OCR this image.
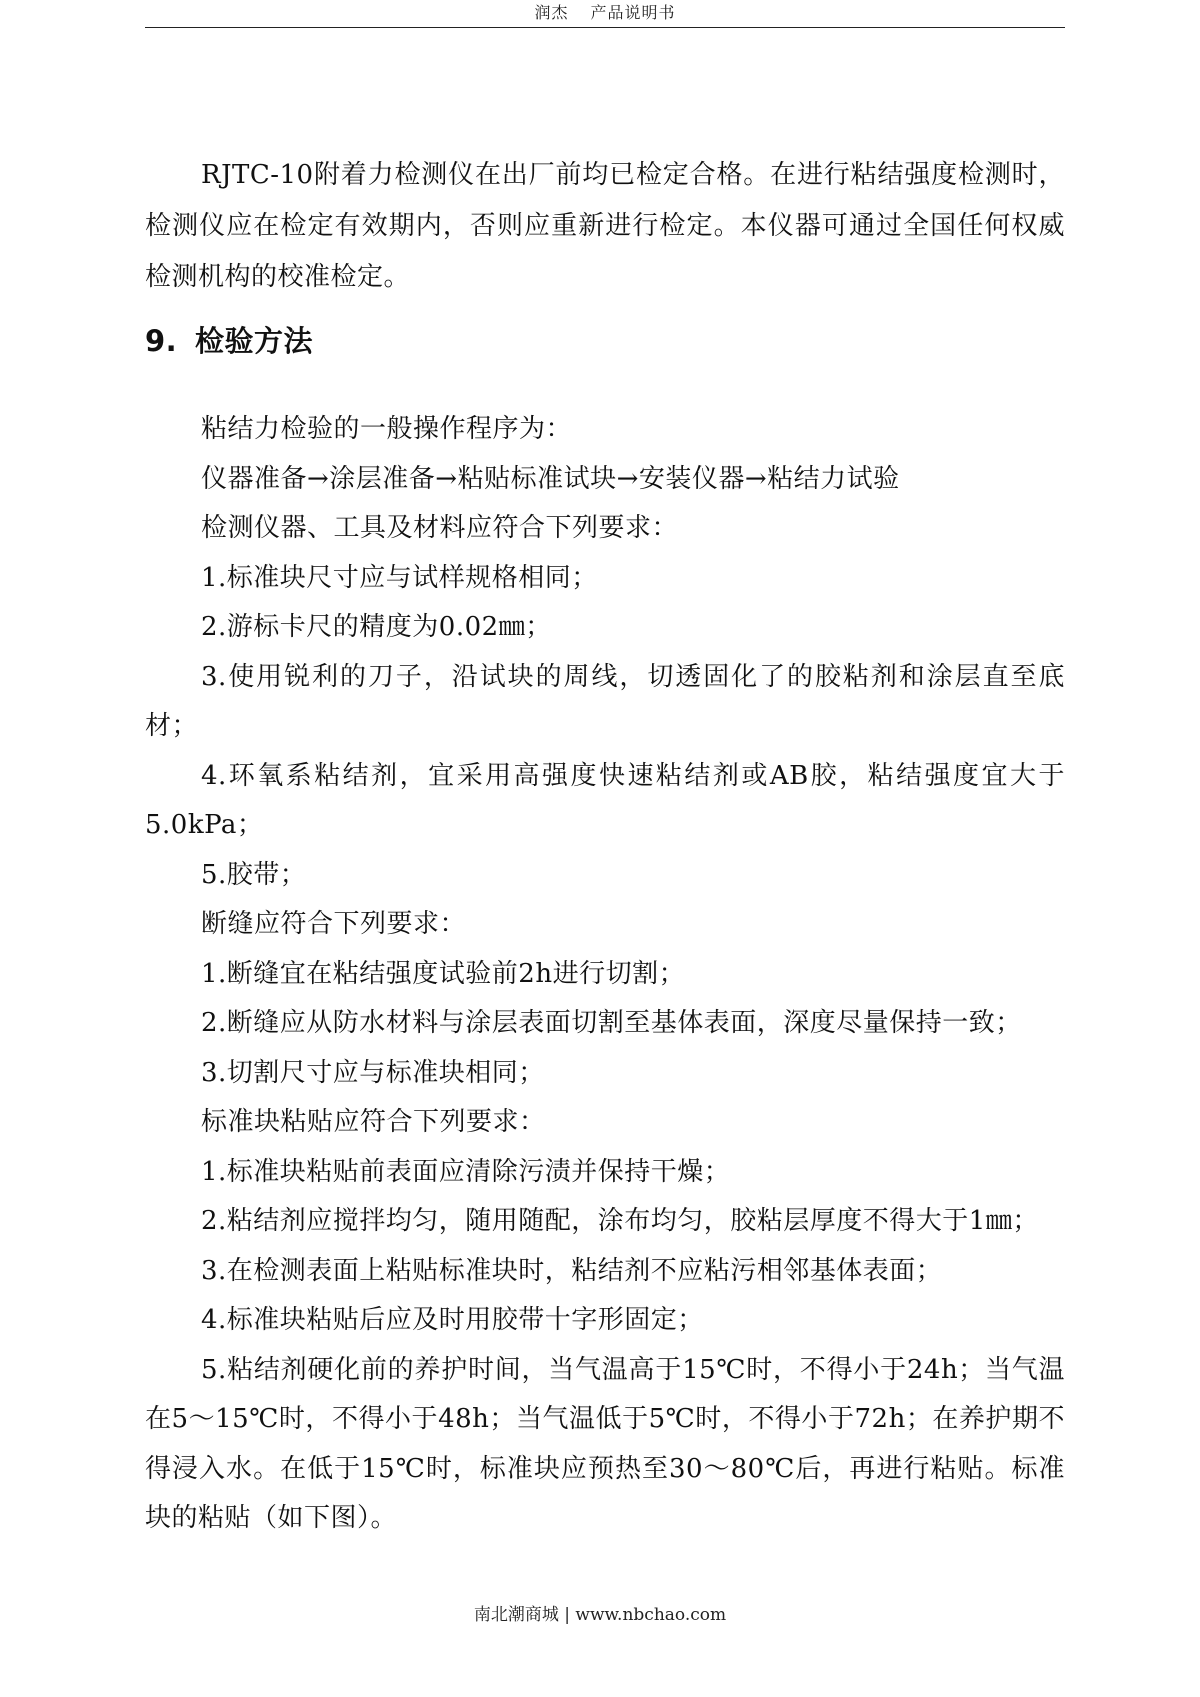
润杰 产品说明书

RJTC-10附着力检测仪在出厂前均已检定合格。在进行粘结强度检测时，检测仪应在检定有效期内，否则应重新进行检定。本仪器可通过全国任何权威检测机构的校准检定。

9. 检验方法

粘结力检验的一般操作程序为：

仪器准备→涂层准备→粘贴标准试块→安装仪器→粘结力试验

检测仪器、工具及材料应符合下列要求：

1.标准块尺寸应与试样规格相同；

2.游标卡尺的精度为0.02㎜；

3.使用锐利的刀子，沿试块的周线，切透固化了的胶粘剂和涂层直至底材；

4.环氧系粘结剂，宜采用高强度快速粘结剂或AB胶，粘结强度宜大于5.0kPa；

5.胶带；

断缝应符合下列要求：

1.断缝宜在粘结强度试验前2h进行切割；

2.断缝应从防水材料与涂层表面切割至基体表面，深度尽量保持一致；

3.切割尺寸应与标准块相同；

标准块粘贴应符合下列要求：

1.标准块粘贴前表面应清除污渍并保持干燥；

2.粘结剂应搅拌均匀，随用随配，涂布均匀，胶粘层厚度不得大于1㎜；

3.在检测表面上粘贴标准块时，粘结剂不应粘污相邻基体表面；

4.标准块粘贴后应及时用胶带十字形固定；

5.粘结剂硬化前的养护时间，当气温高于15℃时，不得小于24h；当气温在5～15℃时，不得小于48h；当气温低于5℃时，不得小于72h；在养护期不得浸入水。在低于15℃时，标准块应预热至30～80℃后，再进行粘贴。标准块的粘贴（如下图）。

南北潮商城 | www.nbchao.com
